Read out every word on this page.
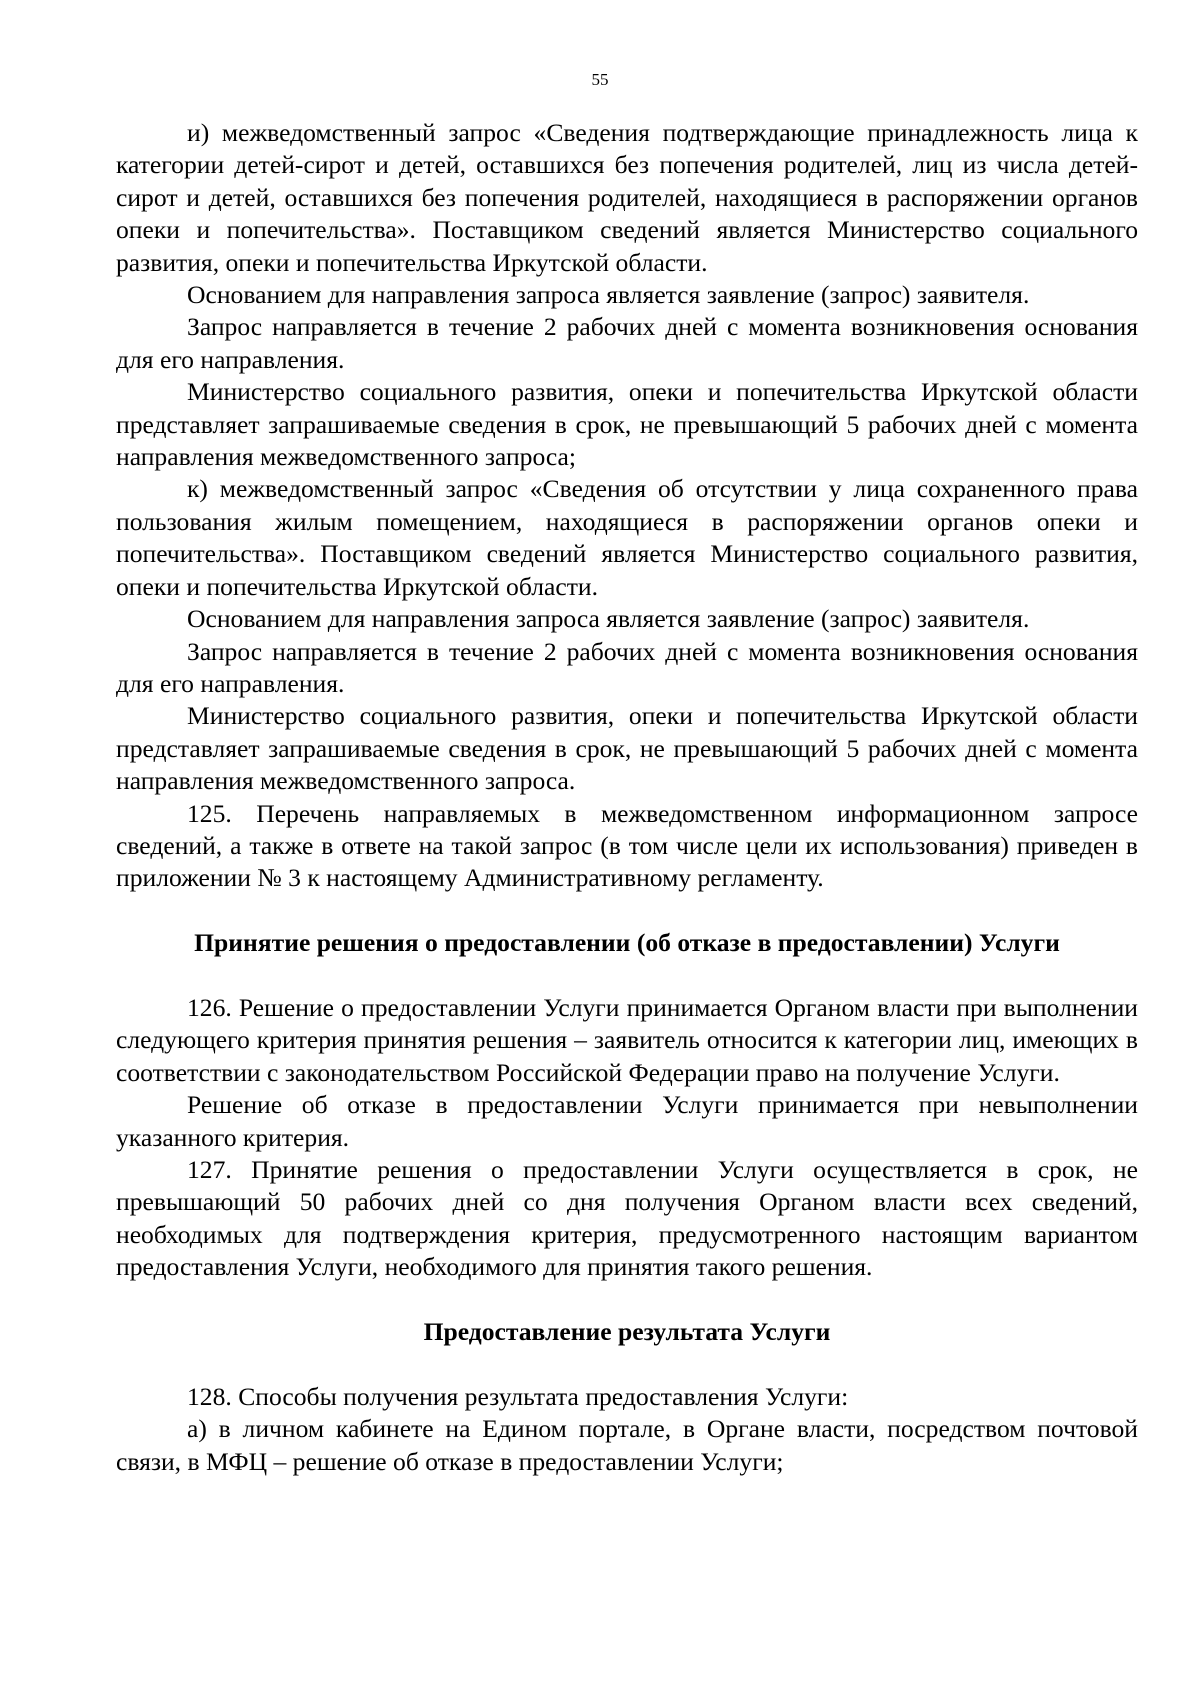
55

и) межведомственный запрос «Сведения подтверждающие принадлежность лица к категории детей-сирот и детей, оставшихся без попечения родителей, лиц из числа детей-сирот и детей, оставшихся без попечения родителей, находящиеся в распоряжении органов опеки и попечительства». Поставщиком сведений является Министерство социального развития, опеки и попечительства Иркутской области.

Основанием для направления запроса является заявление (запрос) заявителя.

Запрос направляется в течение 2 рабочих дней с момента возникновения основания для его направления.

Министерство социального развития, опеки и попечительства Иркутской области представляет запрашиваемые сведения в срок, не превышающий 5 рабочих дней с момента направления межведомственного запроса;

к) межведомственный запрос «Сведения об отсутствии у лица сохраненного права пользования жилым помещением, находящиеся в распоряжении органов опеки и попечительства». Поставщиком сведений является Министерство социального развития, опеки и попечительства Иркутской области.

Основанием для направления запроса является заявление (запрос) заявителя.

Запрос направляется в течение 2 рабочих дней с момента возникновения основания для его направления.

Министерство социального развития, опеки и попечительства Иркутской области представляет запрашиваемые сведения в срок, не превышающий 5 рабочих дней с момента направления межведомственного запроса.

125. Перечень направляемых в межведомственном информационном запросе сведений, а также в ответе на такой запрос (в том числе цели их использования) приведен в приложении № 3 к настоящему Административному регламенту.

Принятие решения о предоставлении (об отказе в предоставлении) Услуги

126. Решение о предоставлении Услуги принимается Органом власти при выполнении следующего критерия принятия решения – заявитель относится к категории лиц, имеющих в соответствии с законодательством Российской Федерации право на получение Услуги.

Решение об отказе в предоставлении Услуги принимается при невыполнении указанного критерия.

127. Принятие решения о предоставлении Услуги осуществляется в срок, не превышающий 50 рабочих дней со дня получения Органом власти всех сведений, необходимых для подтверждения критерия, предусмотренного настоящим вариантом предоставления Услуги, необходимого для принятия такого решения.

Предоставление результата Услуги

128. Способы получения результата предоставления Услуги:

а) в личном кабинете на Едином портале, в Органе власти, посредством почтовой связи, в МФЦ – решение об отказе в предоставлении Услуги;
